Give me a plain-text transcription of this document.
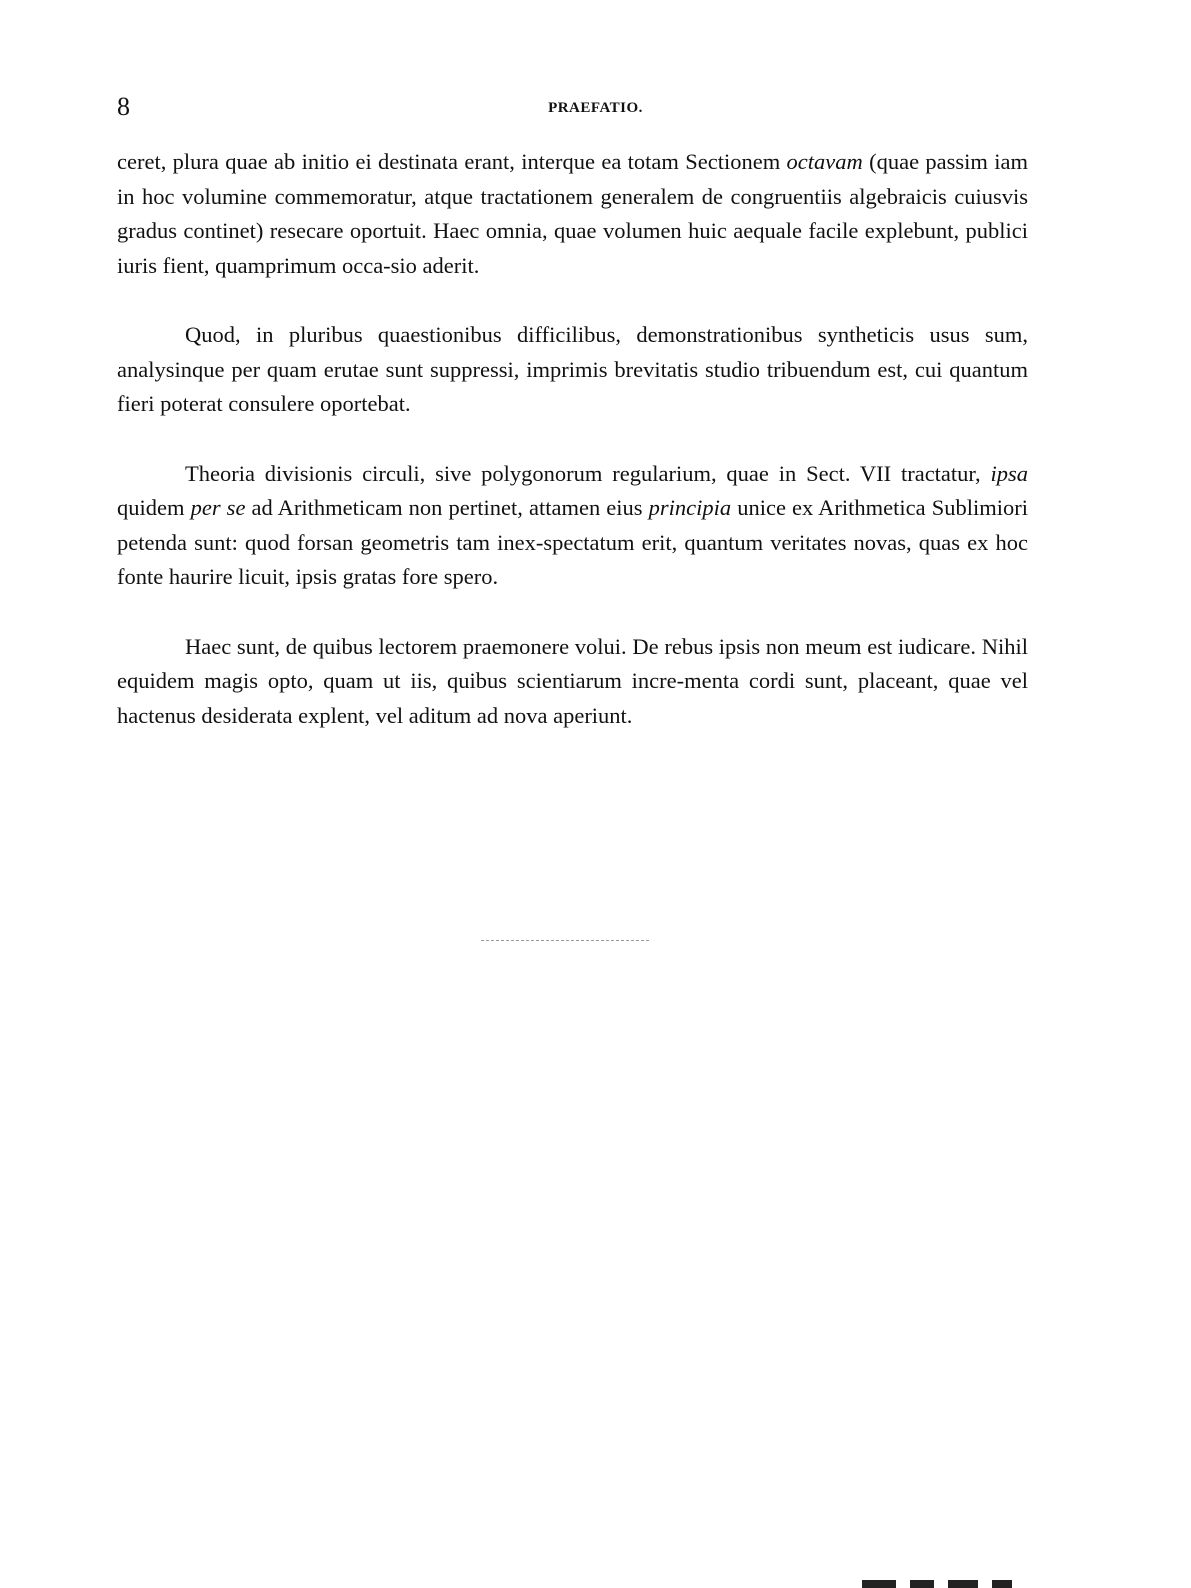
8	PRAEFATIO.

ceret, plura quae ab initio ei destinata erant, interque ea totam Sectionem octavam (quae passim iam in hoc volumine commemoratur, atque tractationem generalem de congruentiis algebraicis cuiusvis gradus continet) resecare oportuit. Haec omnia, quae volumen huic aequale facile explebunt, publici iuris fient, quamprimum occa-sio aderit.

Quod, in pluribus quaestionibus difficilibus, demonstrationibus syntheticis usus sum, analysinque per quam erutae sunt suppressi, imprimis brevitatis studio tribuendum est, cui quantum fieri poterat consulere oportebat.

Theoria divisionis circuli, sive polygonorum regularium, quae in Sect. VII tractatur, ipsa quidem per se ad Arithmeticam non pertinet, attamen eius principia unice ex Arithmetica Sublimiori petenda sunt: quod forsan geometris tam inex-spectatum erit, quantum veritates novas, quas ex hoc fonte haurire licuit, ipsis gratas fore spero.

Haec sunt, de quibus lectorem praemonere volui. De rebus ipsis non meum est iudicare. Nihil equidem magis opto, quam ut iis, quibus scientiarum incre-menta cordi sunt, placeant, quae vel hactenus desiderata explent, vel aditum ad nova aperiunt.
